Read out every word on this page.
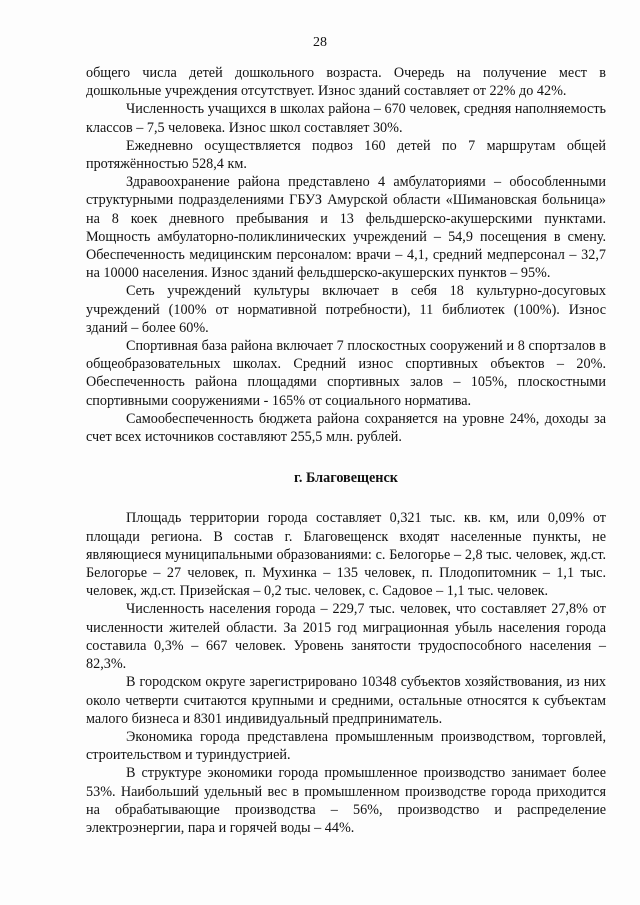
28

общего числа детей дошкольного возраста. Очередь на получение мест в дошкольные учреждения отсутствует. Износ зданий составляет от 22% до 42%.

Численность учащихся в школах района – 670 человек, средняя наполняемость классов – 7,5 человека. Износ школ составляет 30%.

Ежедневно осуществляется подвоз 160 детей по 7 маршрутам общей протяжённостью 528,4 км.

Здравоохранение района представлено 4 амбулаториями – обособленными структурными подразделениями ГБУЗ Амурской области «Шимановская больница» на 8 коек дневного пребывания и 13 фельдшерско-акушерскими пунктами. Мощность амбулаторно-поликлинических учреждений – 54,9 посещения в смену. Обеспеченность медицинским персоналом: врачи – 4,1, средний медперсонал – 32,7 на 10000 населения. Износ зданий фельдшерско-акушерских пунктов – 95%.

Сеть учреждений культуры включает в себя 18 культурно-досуговых учреждений (100% от нормативной потребности), 11 библиотек (100%). Износ зданий – более 60%.

Спортивная база района включает 7 плоскостных сооружений и 8 спортзалов в общеобразовательных школах. Средний износ спортивных объектов – 20%. Обеспеченность района площадями спортивных залов – 105%, плоскостными спортивными сооружениями - 165% от социального норматива.

Самообеспеченность бюджета района сохраняется на уровне 24%, доходы за счет всех источников составляют 255,5 млн. рублей.

г. Благовещенск

Площадь территории города составляет 0,321 тыс. кв. км, или 0,09% от площади региона. В состав г. Благовещенск входят населенные пункты, не являющиеся муниципальными образованиями: с. Белогорье – 2,8 тыс. человек, жд.ст. Белогорье – 27 человек, п. Мухинка – 135 человек, п. Плодопитомник – 1,1 тыс. человек, жд.ст. Призейская – 0,2 тыс. человек, с. Садовое – 1,1 тыс. человек.

Численность населения города – 229,7 тыс. человек, что составляет 27,8% от численности жителей области. За 2015 год миграционная убыль населения города составила 0,3% – 667 человек. Уровень занятости трудоспособного населения – 82,3%.

В городском округе зарегистрировано 10348 субъектов хозяйствования, из них около четверти считаются крупными и средними, остальные относятся к субъектам малого бизнеса и 8301 индивидуальный предприниматель.

Экономика города представлена промышленным производством, торговлей, строительством и туриндустрией.

В структуре экономики города промышленное производство занимает более 53%. Наибольший удельный вес в промышленном производстве города приходится на обрабатывающие производства – 56%, производство и распределение электроэнергии, пара и горячей воды – 44%.
